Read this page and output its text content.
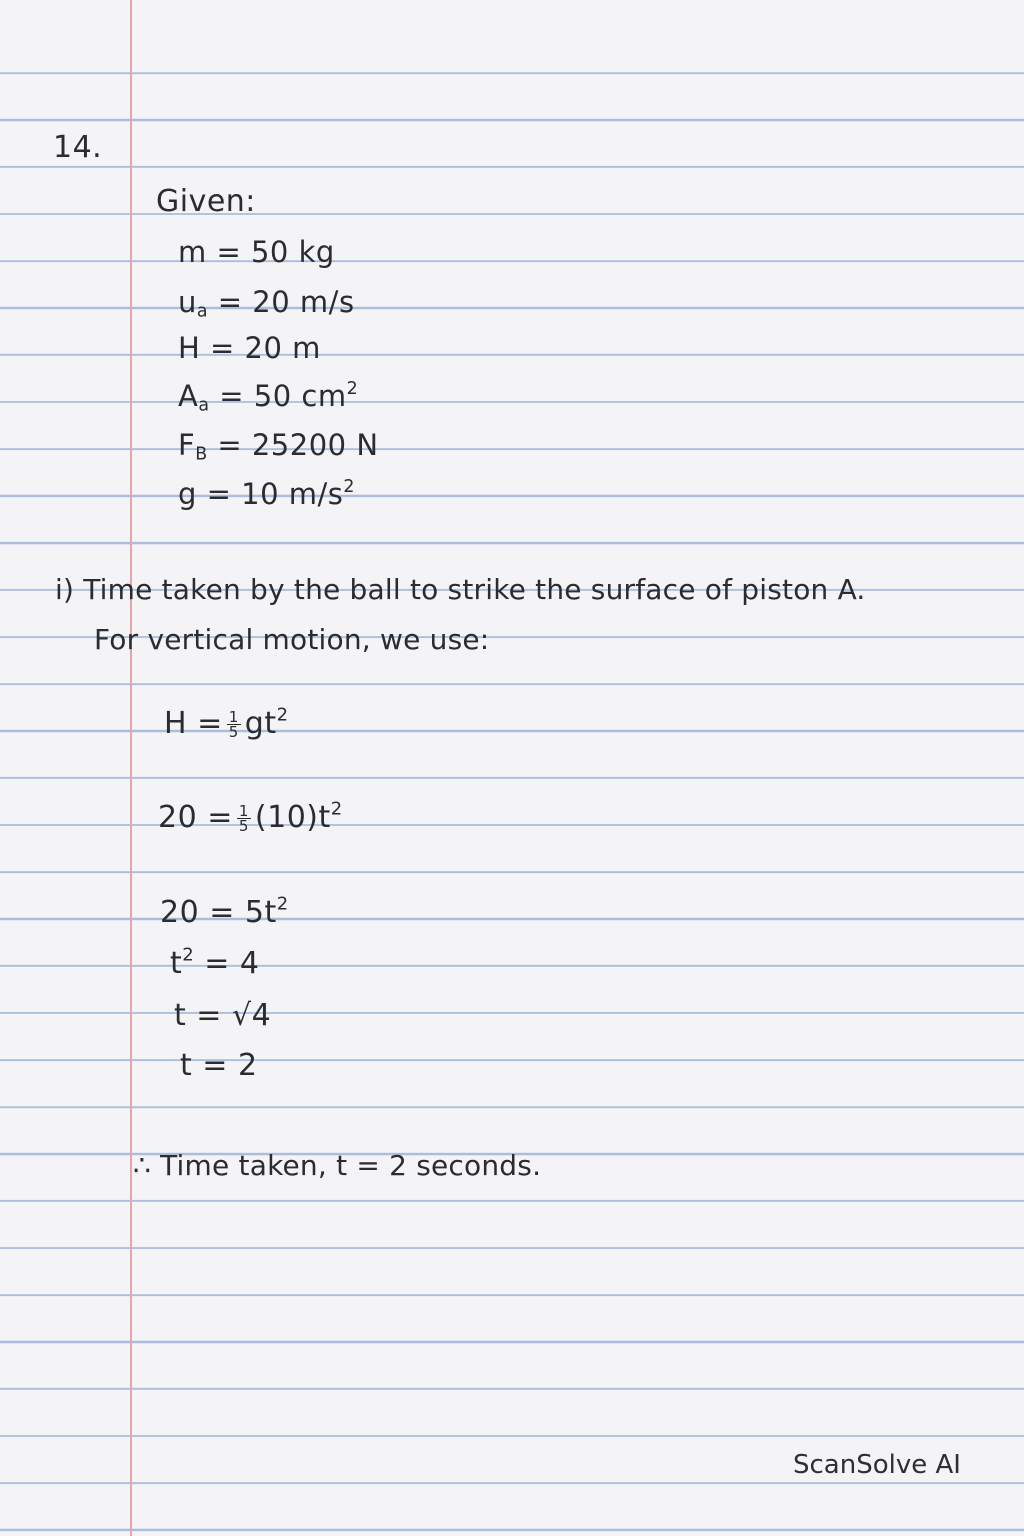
14.
Given:
m = 50 kg
$u_a = 20$ m/s
H = 20 m
$A_a = 50$ $cm^2$
$F_B = 25200$ N
g = 10 $m/s^2$
i) Time taken by the ball to strike the surface of piston A.
For vertical motion, we use:
$H = \frac{1}{5} gt^2$
$20 = \frac{1}{5} (10)t^2$
$20 = 5t^2$
$t^2 = 4$
t = √4
t = 2
∴ Time taken, t = 2 seconds.
ScanSolve AI
